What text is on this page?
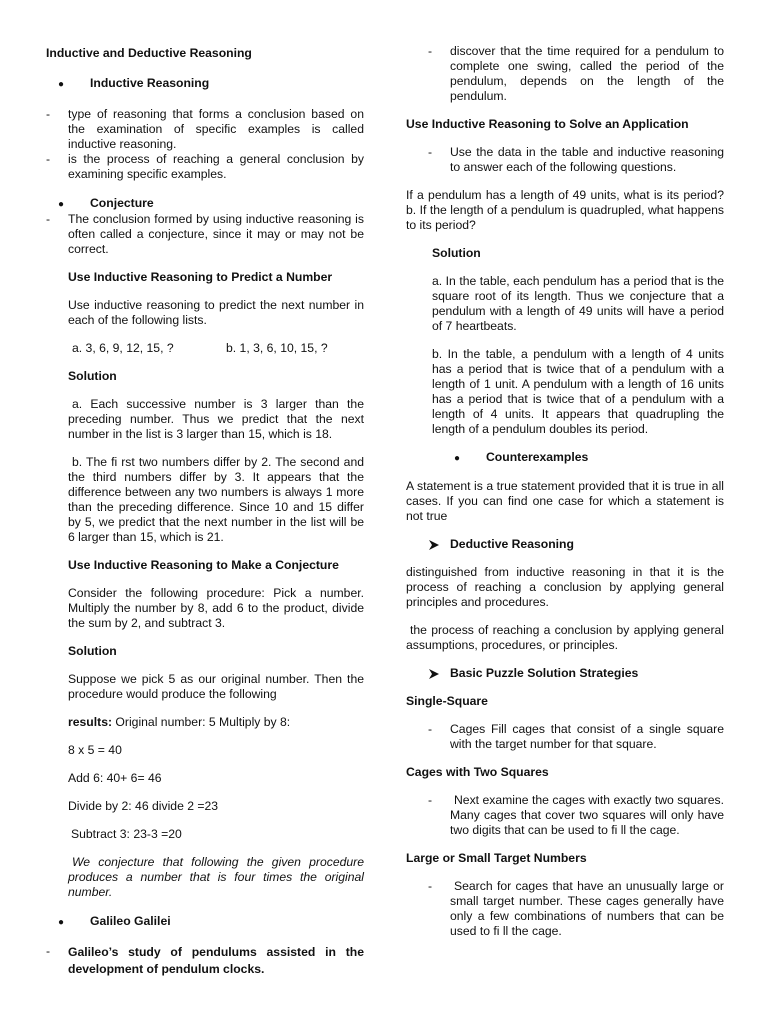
Inductive and Deductive Reasoning

●	Inductive Reasoning
-	type of reasoning that forms a conclusion based on the examination of specific examples is called inductive reasoning.
-	is the process of reaching a general conclusion by examining specific examples.
●	Conjecture
-	The conclusion formed by using inductive reasoning is often called a conjecture, since it may or may not be correct.

Use Inductive Reasoning to Predict a Number

Use inductive reasoning to predict the next number in each of the following lists.

a. 3, 6, 9, 12, 15, ?	b. 1, 3, 6, 10, 15, ?

Solution

a. Each successive number is 3 larger than the preceding number. Thus we predict that the next number in the list is 3 larger than 15, which is 18.

b. The fi rst two numbers differ by 2. The second and the third numbers differ by 3. It appears that the difference between any two numbers is always 1 more than the preceding difference. Since 10 and 15 differ by 5, we predict that the next number in the list will be 6 larger than 15, which is 21.

Use Inductive Reasoning to Make a Conjecture

Consider the following procedure: Pick a number. Multiply the number by 8, add 6 to the product, divide the sum by 2, and subtract 3.

Solution

Suppose we pick 5 as our original number. Then the procedure would produce the following

results: Original number: 5 Multiply by 8:

8 x 5 = 40

Add 6: 40+ 6= 46

Divide by 2: 46 divide 2 =23

Subtract 3: 23-3 =20

We conjecture that following the given procedure produces a number that is four times the original number.

●	Galileo Galilei
-	Galileo’s study of pendulums assisted in the development of pendulum clocks.
-	discover that the time required for a pendulum to complete one swing, called the period of the pendulum, depends on the length of the pendulum.

Use Inductive Reasoning to Solve an Application

-	Use the data in the table and inductive reasoning to answer each of the following questions.

If a pendulum has a length of 49 units, what is its period? b. If the length of a pendulum is quadrupled, what happens to its period?

Solution

a. In the table, each pendulum has a period that is the square root of its length. Thus we conjecture that a pendulum with a length of 49 units will have a period of 7 heartbeats.

b. In the table, a pendulum with a length of 4 units has a period that is twice that of a pendulum with a length of 1 unit. A pendulum with a length of 16 units has a period that is twice that of a pendulum with a length of 4 units. It appears that quadrupling the length of a pendulum doubles its period.

●	Counterexamples

A statement is a true statement provided that it is true in all cases. If you can find one case for which a statement is not true

Deductive Reasoning

distinguished from inductive reasoning in that it is the process of reaching a conclusion by applying general principles and procedures.

the process of reaching a conclusion by applying general assumptions, procedures, or principles.

Basic Puzzle Solution Strategies

Single-Square

-	Cages Fill cages that consist of a single square with the target number for that square.

Cages with Two Squares

-	Next examine the cages with exactly two squares. Many cages that cover two squares will only have two digits that can be used to fi ll the cage.

Large or Small Target Numbers

-	Search for cages that have an unusually large or small target number. These cages generally have only a few combinations of numbers that can be used to fi ll the cage.
